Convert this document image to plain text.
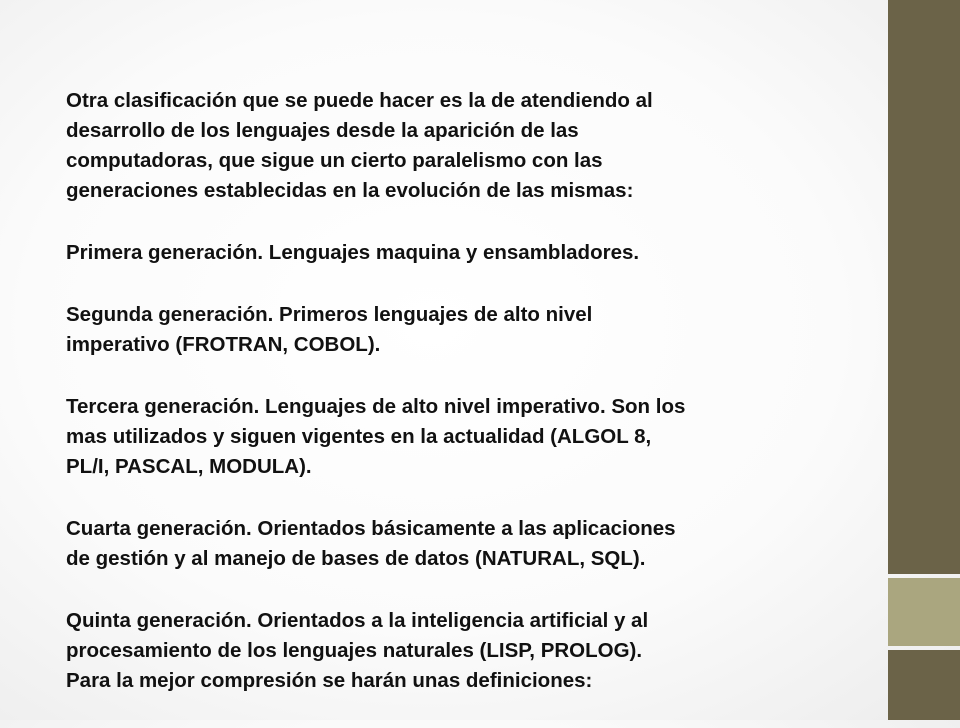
Otra clasificación que se puede hacer es la de atendiendo al
desarrollo de los lenguajes desde la aparición de las
computadoras, que sigue un cierto paralelismo con las
generaciones establecidas en la evolución de las mismas:

Primera generación. Lenguajes maquina y ensambladores.

Segunda generación. Primeros lenguajes de alto nivel
imperativo (FROTRAN, COBOL).

Tercera generación. Lenguajes de alto nivel imperativo. Son los
mas utilizados y siguen vigentes en la actualidad (ALGOL 8,
PL/I, PASCAL, MODULA).

Cuarta generación. Orientados básicamente a las aplicaciones
de gestión y al manejo de bases de datos (NATURAL, SQL).

Quinta generación. Orientados a la inteligencia artificial y al
procesamiento de los lenguajes naturales (LISP, PROLOG).
Para la mejor compresión se harán unas definiciones:
